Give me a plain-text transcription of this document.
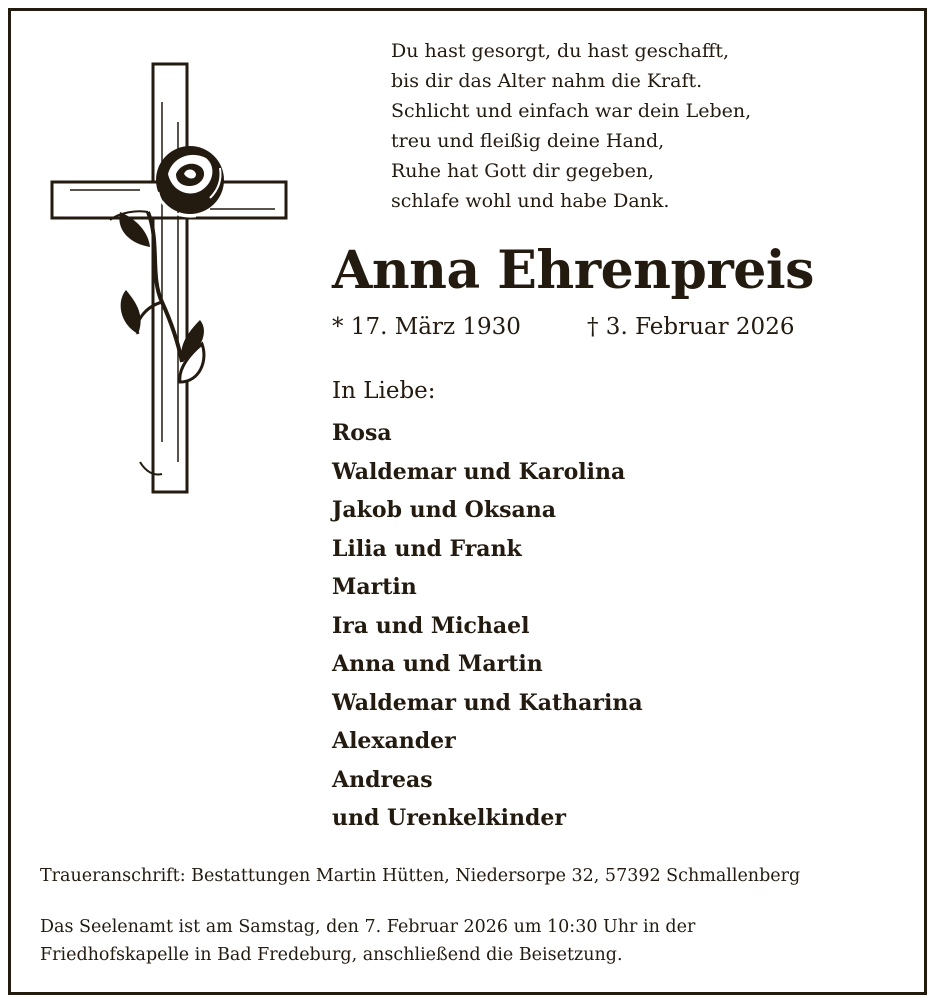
Du hast gesorgt, du hast geschafft,
bis dir das Alter nahm die Kraft.
Schlicht und einfach war dein Leben,
treu und fleißig deine Hand,
Ruhe hat Gott dir gegeben,
schlafe wohl und habe Dank.
Anna Ehrenpreis
* 17. März 1930	† 3. Februar 2026
In Liebe:
Rosa
Waldemar und Karolina
Jakob und Oksana
Lilia und Frank
Martin
Ira und Michael
Anna und Martin
Waldemar und Katharina
Alexander
Andreas
und Urenkelkinder
Traueranschrift: Bestattungen Martin Hütten, Niedersorpe 32, 57392 Schmallenberg
Das Seelenamt ist am Samstag, den 7. Februar 2026 um 10:30 Uhr in der
Friedhofskapelle in Bad Fredeburg, anschließend die Beisetzung.
